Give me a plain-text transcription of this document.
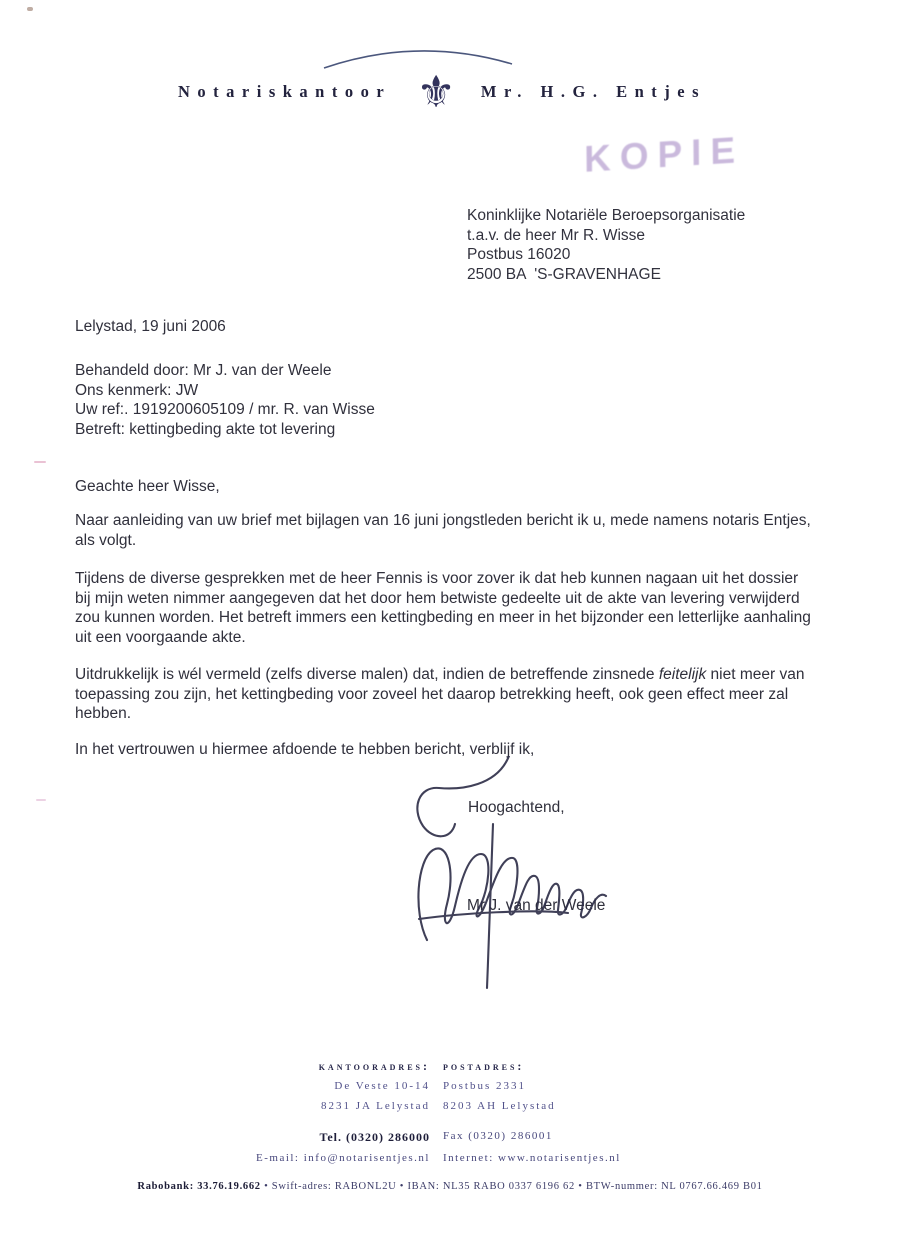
Notariskantoor ⚜ Mr. H.G. Entjes
KOPIE
Koninklijke Notariële Beroepsorganisatie
t.a.v. de heer Mr R. Wisse
Postbus 16020
2500 BA  'S-GRAVENHAGE
Lelystad, 19 juni 2006
Behandeld door: Mr J. van der Weele
Ons kenmerk: JW
Uw ref:. 1919200605109 / mr. R. van Wisse
Betreft: kettingbeding akte tot levering
Geachte heer Wisse,
Naar aanleiding van uw brief met bijlagen van 16 juni jongstleden bericht ik u, mede namens notaris Entjes, als volgt.
Tijdens de diverse gesprekken met de heer Fennis is voor zover ik dat heb kunnen nagaan uit het dossier bij mijn weten nimmer aangegeven dat het door hem betwiste gedeelte uit de akte van levering verwijderd zou kunnen worden. Het betreft immers een kettingbeding en meer in het bijzonder een letterlijke aanhaling uit een voorgaande akte.
Uitdrukkelijk is wél vermeld (zelfs diverse malen) dat, indien de betreffende zinsnede feitelijk niet meer van toepassing zou zijn, het kettingbeding voor zoveel het daarop betrekking heeft, ook geen effect meer zal hebben.
In het vertrouwen u hiermee afdoende te hebben bericht, verblijf ik,
Hoogachtend,
Mr J. van der Weele
kantooradres: postadres:
De Veste 10-14 Postbus 2331
8231 JA Lelystad 8203 AH Lelystad
Tel. (0320) 286000 Fax (0320) 286001
E-mail: info@notarisentjes.nl Internet: www.notarisentjes.nl
Rabobank: 33.76.19.662 • Swift-adres: RABONL2U • IBAN: NL35 RABO 0337 6196 62 • BTW-nummer: NL 0767.66.469 B01
